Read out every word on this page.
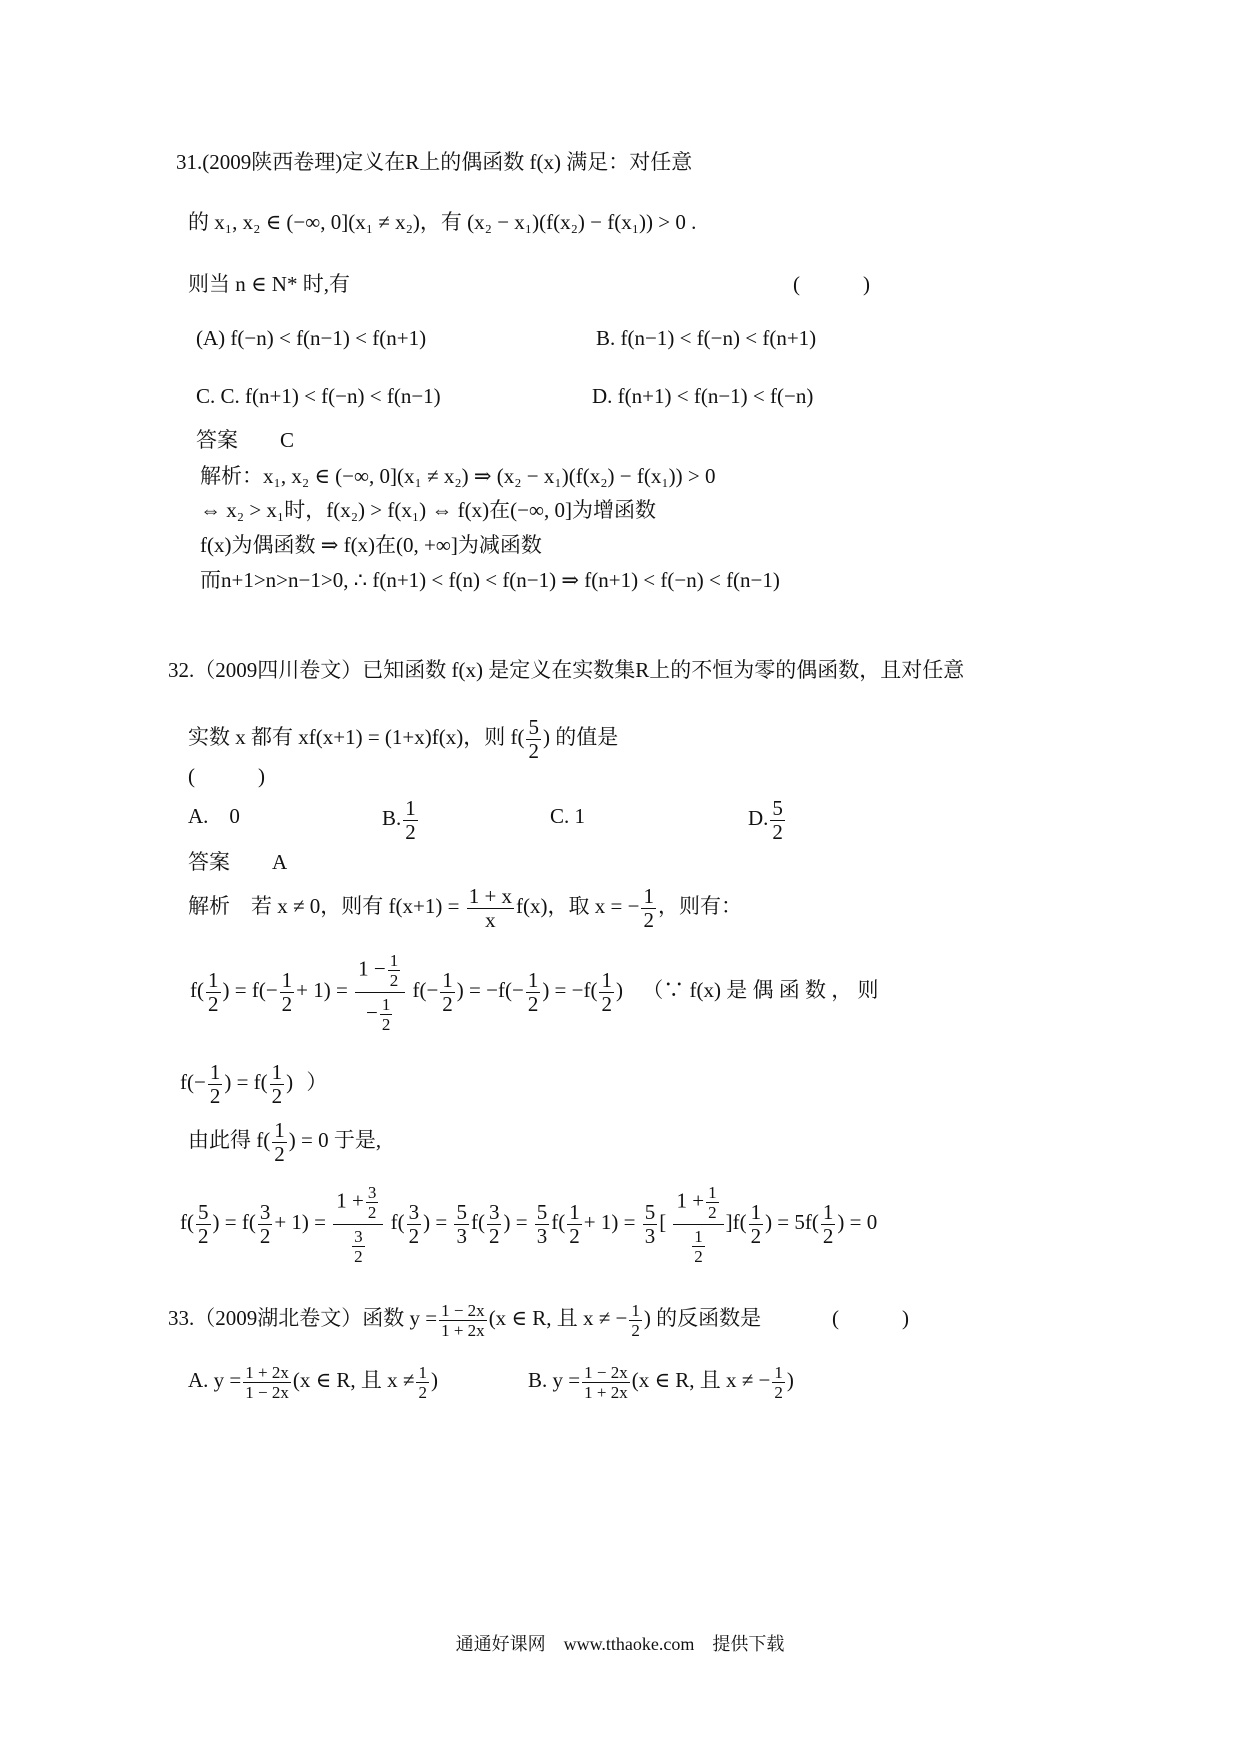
31.(2009陕西卷理)定义在R上的偶函数 f(x) 满足：对任意
的 x₁, x₂ ∈ (−∞, 0](x₁ ≠ x₂)，有 (x₂ − x₁)(f(x₂) − f(x₁)) > 0 .
则当 n ∈ N* 时,有	(　　　)
(A) f(−n) < f(n−1) < f(n+1)	B. f(n−1) < f(−n) < f(n+1)
C. C. f(n+1) < f(−n) < f(n−1)	D. f(n+1) < f(n−1) < f(−n)
答案　　C
解析：x₁, x₂ ∈ (−∞, 0](x₁ ≠ x₂) ⇒ (x₂ − x₁)(f(x₂) − f(x₁)) > 0
⇔ x₂ > x₁时，f(x₂) > f(x₁) ⇔ f(x)在(−∞, 0]为增函数
f(x)为偶函数 ⇒ f(x)在(0, +∞]为减函数
而n+1>n>n−1>0, ∴ f(n+1) < f(n) < f(n−1) ⇒ f(n+1) < f(−n) < f(n−1)
32.（2009四川卷文）已知函数 f(x) 是定义在实数集R上的不恒为零的偶函数，且对任意
实数 x 都有 xf(x+1) = (1+x)f(x)，则 $f( \frac{5}{2}$ ) 的值是
(　　　)
A.　0	B. $\frac{1}{2}$	C. 1	D. $\frac{5}{2}$
答案　　A
解析 若 x ≠ 0，则有 $f(x+1) = \frac{1 + x}{x} f(x)$，取 x = − $\frac{1}{2}$ ，则有：
$f( \frac{1}{2}$ ) = $f(- \frac{1}{2} + 1) = \frac{1 - \frac{1}{2}}{- \frac{1}{2}} f(- \frac{1}{2}$ ) = $-f(- \frac{1}{2}$ ) = $-f( \frac{1}{2}$ ) （∵ f(x) 是 偶 函 数 ， 则
$f(- \frac{1}{2}$ ) = $f( \frac{1}{2}$ ) ）
由此得 $f( \frac{1}{2}$ ) = 0 于是,
$f( \frac{5}{2}$ ) = $f( \frac{3}{2} + 1) = \frac{1 + \frac{3}{2}}{\frac{3}{2}} f( \frac{3}{2}$ ) = $\frac{5}{3} f( \frac{3}{2}$ ) = $\frac{5}{3} f( \frac{1}{2} + 1) = \frac{5}{3}$ [ $\frac{1 + \frac{1}{2}}{\frac{1}{2}} ]f( \frac{1}{2}$ ) = $5f( \frac{1}{2}$ ) = 0
33.（2009湖北卷文）函数 $y = \frac{1 - 2x}{1 + 2x} (x$ ∈ R, 且 x ≠ − $\frac{1}{2}$ ) 的反函数是	(　　　)
A. $y = \frac{1 + 2x}{1 - 2x} (x$ ∈ R, 且 $x \ne \frac{1}{2}$ )	B. $y = \frac{1 - 2x}{1 + 2x} (x$ ∈ R, 且 x ≠ − $\frac{1}{2}$ )
通通好课网　www.tthaoke.com　提供下载
